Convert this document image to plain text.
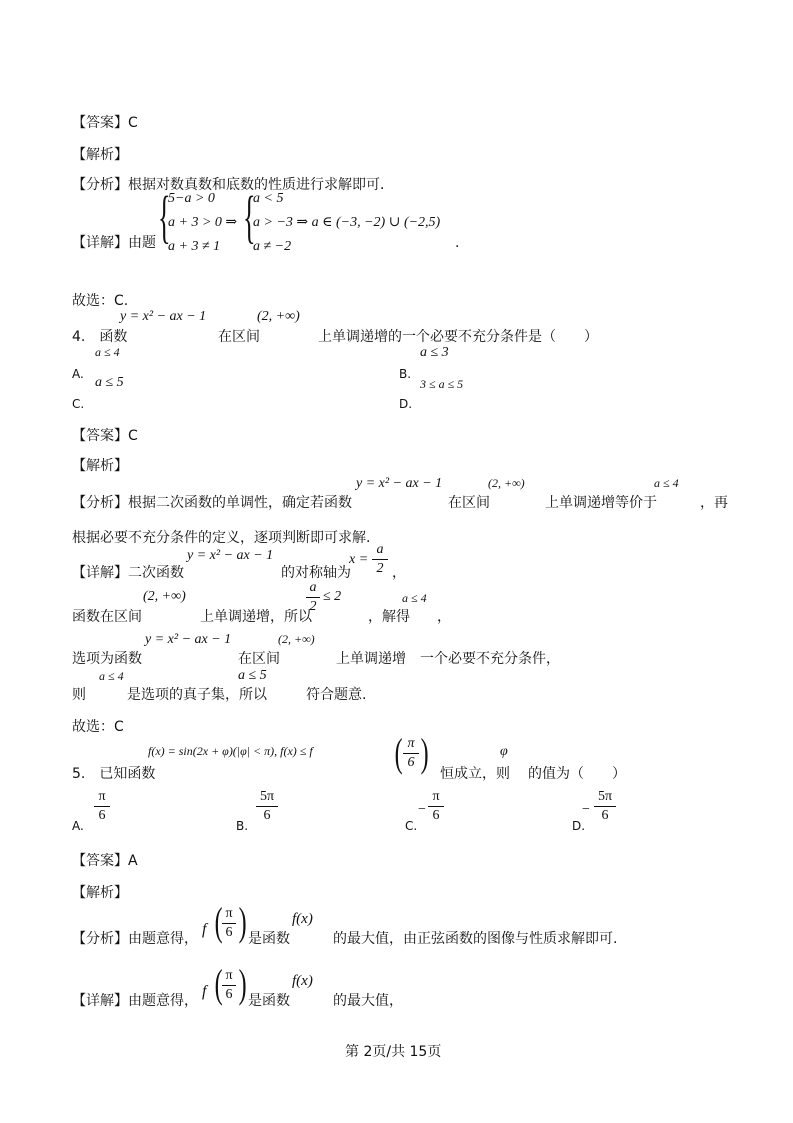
【答案】C
【解析】
【分析】根据对数真数和底数的性质进行求解即可．
【详解】由题 {
5−a > 0
a + 3 > 0 ⇒
a + 3 ≠ 1 {
a < 5
a > −3 ⇒ a ∈ (−3, −2) ∪ (−2,5)
a ≠ −2	.
故选：C.
y = x² − ax − 1	(2, +∞)
4.　函数	在区间	上单调递增的一个必要不充分条件是（　　）
a ≤ 4
A.
a ≤ 3
B.
a ≤ 5
C.
3 ≤ a ≤ 5
D.
【答案】C
【解析】
y = x² − ax − 1	(2, +∞)	a ≤ 4
【分析】根据二次函数的单调性，确定若函数	在区间	上单调递增等价于	，再
根据必要不充分条件的定义，逐项判断即可求解.
y = x² − ax − 1	x =
a
2
【详解】二次函数	的对称轴为	，
(2, +∞)
a
2
≤ 2	a ≤ 4
函数在区间	上单调递增，所以	，解得 ，
y = x² − ax − 1	(2, +∞)
选项为函数	在区间	上单调递增　一个必要不充分条件，
a ≤ 4	a ≤ 5
则	是选项的真子集，所以	符合题意.
故选：C
f(x) = sin(2x + φ)(|φ| < π), f(x) ≤ f ( π
6 )	φ
5.　已知函数	恒成立，则 的值为（　　）
π
6
A.
5π
6
B.
−
π
6
C.
−
5π
6
D.
【答案】A
【解析】
【分析】由题意得，
f ( π
6 ) 是函数
f(x)
的最大值，由正弦函数的图像与性质求解即可.
【详解】由题意得，
f ( π
6 ) 是函数
f(x)
的最大值，
第 2页/共 15页
